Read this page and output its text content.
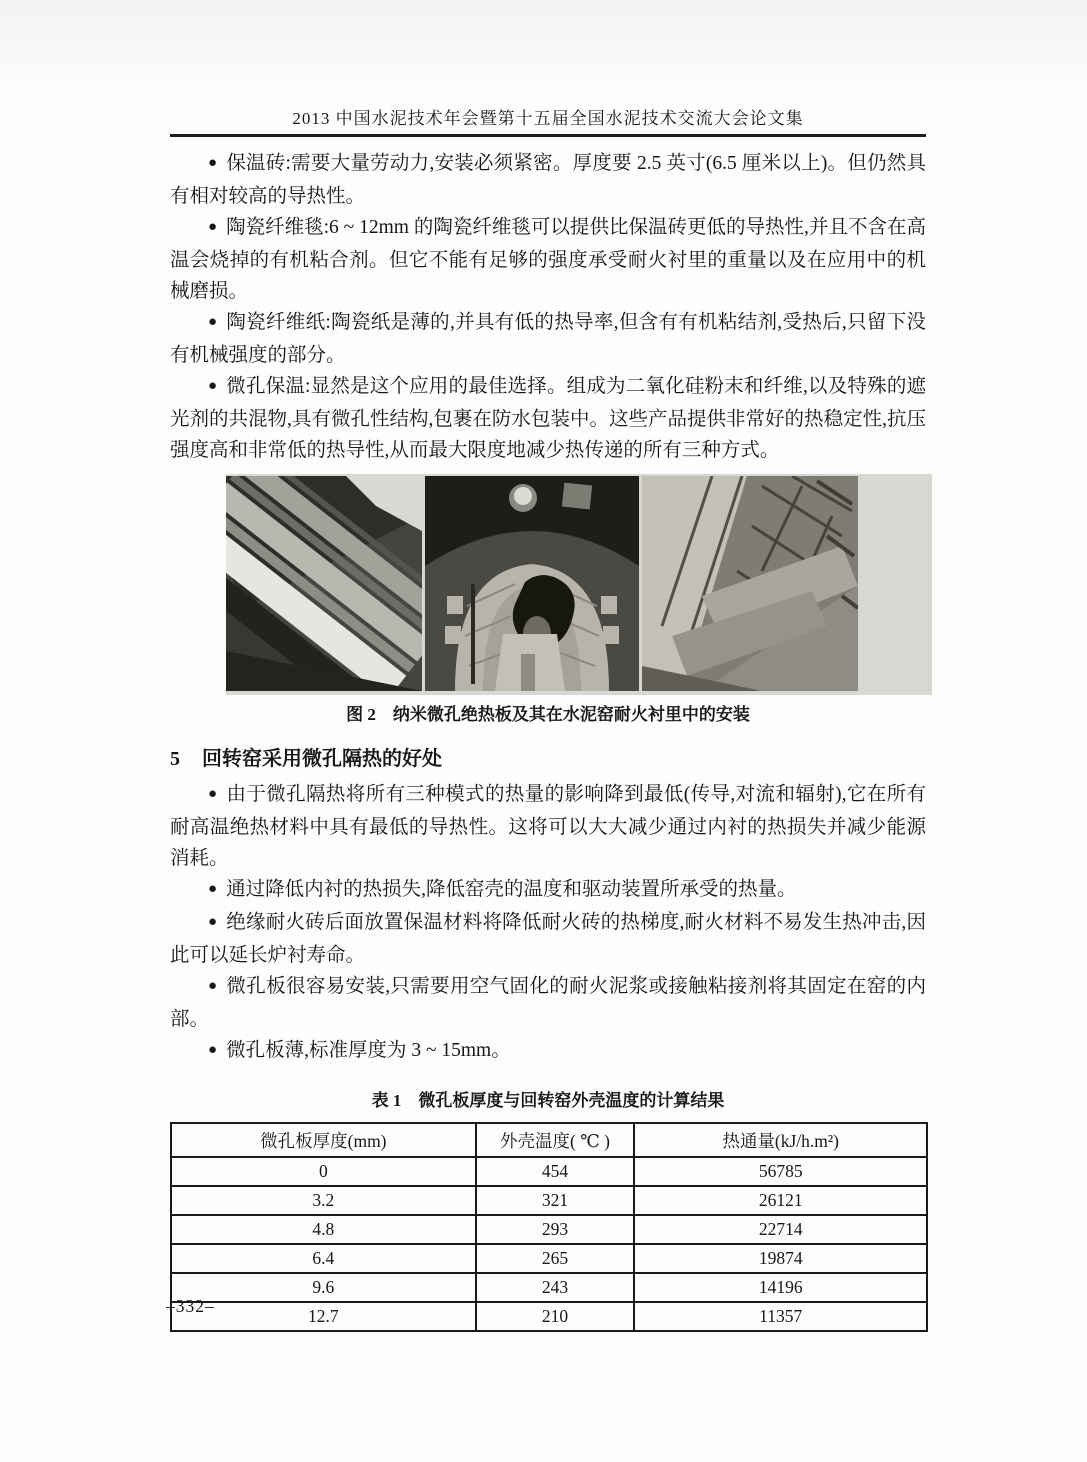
2013 中国水泥技术年会暨第十五届全国水泥技术交流大会论文集

● 保温砖:需要大量劳动力,安装必须紧密。厚度要 2.5 英寸(6.5 厘米以上)。但仍然具有相对较高的导热性。

● 陶瓷纤维毯:6 ~ 12mm 的陶瓷纤维毯可以提供比保温砖更低的导热性,并且不含在高温会烧掉的有机粘合剂。但它不能有足够的强度承受耐火衬里的重量以及在应用中的机械磨损。

● 陶瓷纤维纸:陶瓷纸是薄的,并具有低的热导率,但含有有机粘结剂,受热后,只留下没有机械强度的部分。

● 微孔保温:显然是这个应用的最佳选择。组成为二氧化硅粉末和纤维,以及特殊的遮光剂的共混物,具有微孔性结构,包裹在防水包装中。这些产品提供非常好的热稳定性,抗压强度高和非常低的热导性,从而最大限度地减少热传递的所有三种方式。

图 2　纳米微孔绝热板及其在水泥窑耐火衬里中的安装
5 回转窑采用微孔隔热的好处

● 由于微孔隔热将所有三种模式的热量的影响降到最低(传导,对流和辐射),它在所有耐高温绝热材料中具有最低的导热性。这将可以大大减少通过内衬的热损失并减少能源消耗。

● 通过降低内衬的热损失,降低窑壳的温度和驱动装置所承受的热量。

● 绝缘耐火砖后面放置保温材料将降低耐火砖的热梯度,耐火材料不易发生热冲击,因此可以延长炉衬寿命。

● 微孔板很容易安装,只需要用空气固化的耐火泥浆或接触粘接剂将其固定在窑的内部。

● 微孔板薄,标准厚度为 3 ~ 15mm。

表 1　微孔板厚度与回转窑外壳温度的计算结果
微孔板厚度(mm)	外壳温度( ℃ )	热通量(kJ/h.m²)
0	454	56785
3.2	321	26121
4.8	293	22714
6.4	265	19874
9.6	243	14196
12.7	210	11357
–332–
